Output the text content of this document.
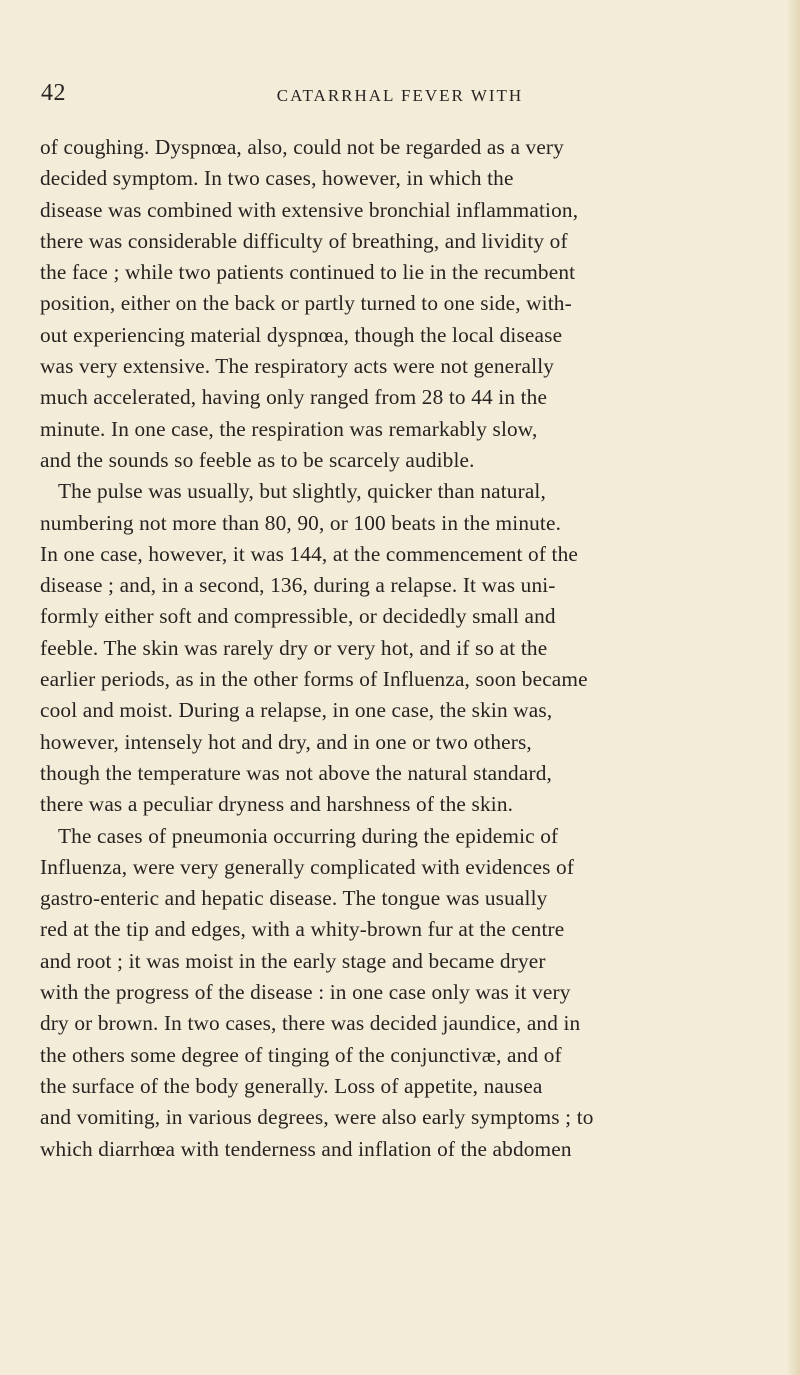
42	CATARRHAL FEVER WITH
of coughing. Dyspnœa, also, could not be regarded as a very
decided symptom. In two cases, however, in which the
disease was combined with extensive bronchial inflammation,
there was considerable difficulty of breathing, and lividity of
the face ; while two patients continued to lie in the recumbent
position, either on the back or partly turned to one side, with-
out experiencing material dyspnœa, though the local disease
was very extensive. The respiratory acts were not generally
much accelerated, having only ranged from 28 to 44 in the
minute. In one case, the respiration was remarkably slow,
and the sounds so feeble as to be scarcely audible.
The pulse was usually, but slightly, quicker than natural,
numbering not more than 80, 90, or 100 beats in the minute.
In one case, however, it was 144, at the commencement of the
disease ; and, in a second, 136, during a relapse. It was uni-
formly either soft and compressible, or decidedly small and
feeble. The skin was rarely dry or very hot, and if so at the
earlier periods, as in the other forms of Influenza, soon became
cool and moist. During a relapse, in one case, the skin was,
however, intensely hot and dry, and in one or two others,
though the temperature was not above the natural standard,
there was a peculiar dryness and harshness of the skin.
The cases of pneumonia occurring during the epidemic of
Influenza, were very generally complicated with evidences of
gastro-enteric and hepatic disease. The tongue was usually
red at the tip and edges, with a whity-brown fur at the centre
and root ; it was moist in the early stage and became dryer
with the progress of the disease : in one case only was it very
dry or brown. In two cases, there was decided jaundice, and in
the others some degree of tinging of the conjunctivæ, and of
the surface of the body generally. Loss of appetite, nausea
and vomiting, in various degrees, were also early symptoms ; to
which diarrhœa with tenderness and inflation of the abdomen
